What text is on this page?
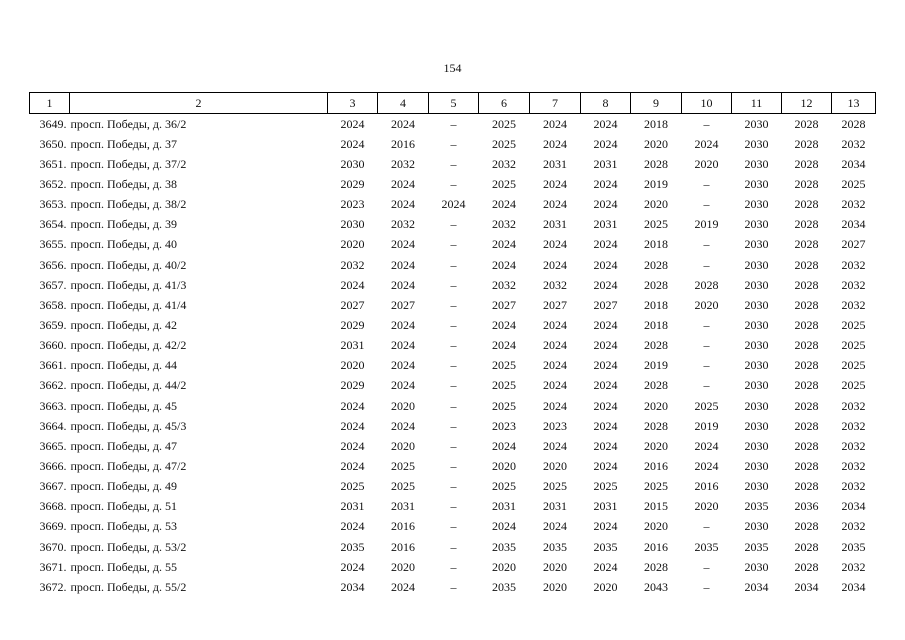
154
1	2	3	4	5	6	7	8	9	10	11	12	13
3649.	просп. Победы, д. 36/2	2024	2024	–	2025	2024	2024	2018	–	2030	2028	2028
3650.	просп. Победы, д. 37	2024	2016	–	2025	2024	2024	2020	2024	2030	2028	2032
3651.	просп. Победы, д. 37/2	2030	2032	–	2032	2031	2031	2028	2020	2030	2028	2034
3652.	просп. Победы, д. 38	2029	2024	–	2025	2024	2024	2019	–	2030	2028	2025
3653.	просп. Победы, д. 38/2	2023	2024	2024	2024	2024	2024	2020	–	2030	2028	2032
3654.	просп. Победы, д. 39	2030	2032	–	2032	2031	2031	2025	2019	2030	2028	2034
3655.	просп. Победы, д. 40	2020	2024	–	2024	2024	2024	2018	–	2030	2028	2027
3656.	просп. Победы, д. 40/2	2032	2024	–	2024	2024	2024	2028	–	2030	2028	2032
3657.	просп. Победы, д. 41/3	2024	2024	–	2032	2032	2024	2028	2028	2030	2028	2032
3658.	просп. Победы, д. 41/4	2027	2027	–	2027	2027	2027	2018	2020	2030	2028	2032
3659.	просп. Победы, д. 42	2029	2024	–	2024	2024	2024	2018	–	2030	2028	2025
3660.	просп. Победы, д. 42/2	2031	2024	–	2024	2024	2024	2028	–	2030	2028	2025
3661.	просп. Победы, д. 44	2020	2024	–	2025	2024	2024	2019	–	2030	2028	2025
3662.	просп. Победы, д. 44/2	2029	2024	–	2025	2024	2024	2028	–	2030	2028	2025
3663.	просп. Победы, д. 45	2024	2020	–	2025	2024	2024	2020	2025	2030	2028	2032
3664.	просп. Победы, д. 45/3	2024	2024	–	2023	2023	2024	2028	2019	2030	2028	2032
3665.	просп. Победы, д. 47	2024	2020	–	2024	2024	2024	2020	2024	2030	2028	2032
3666.	просп. Победы, д. 47/2	2024	2025	–	2020	2020	2024	2016	2024	2030	2028	2032
3667.	просп. Победы, д. 49	2025	2025	–	2025	2025	2025	2025	2016	2030	2028	2032
3668.	просп. Победы, д. 51	2031	2031	–	2031	2031	2031	2015	2020	2035	2036	2034
3669.	просп. Победы, д. 53	2024	2016	–	2024	2024	2024	2020	–	2030	2028	2032
3670.	просп. Победы, д. 53/2	2035	2016	–	2035	2035	2035	2016	2035	2035	2028	2035
3671.	просп. Победы, д. 55	2024	2020	–	2020	2020	2024	2028	–	2030	2028	2032
3672.	просп. Победы, д. 55/2	2034	2024	–	2035	2020	2020	2043	–	2034	2034	2034
